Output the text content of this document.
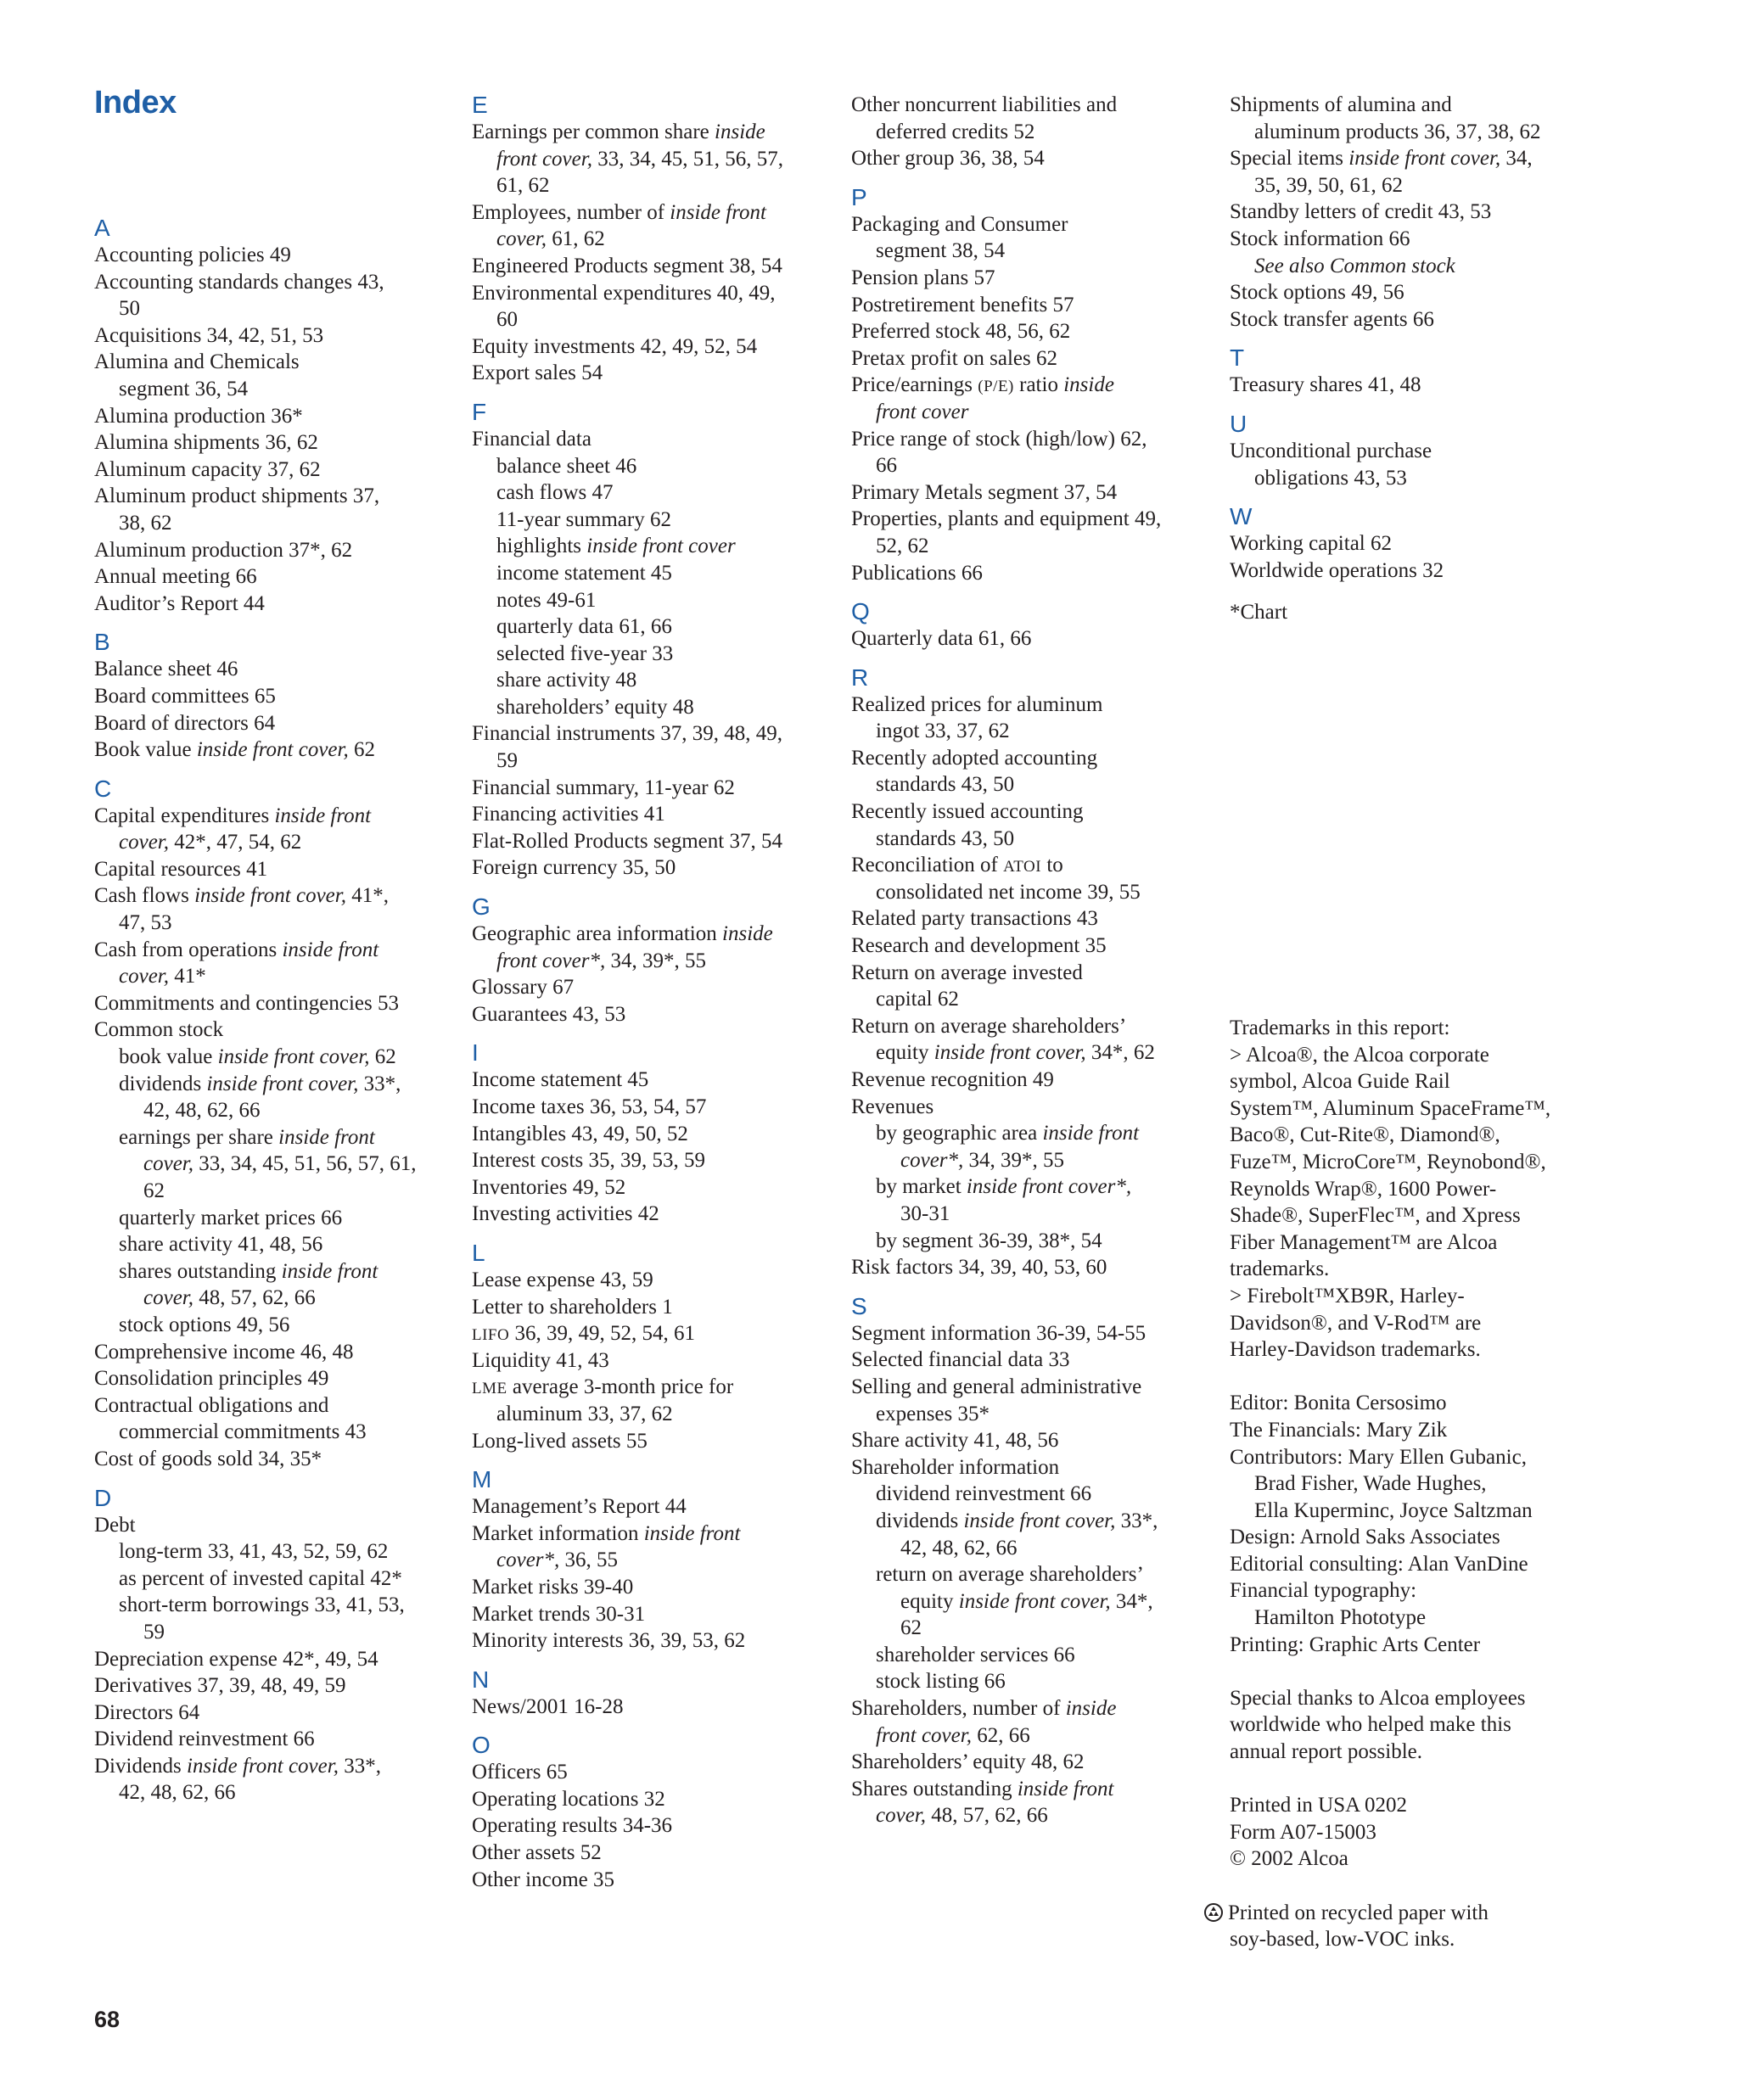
Index
A
Accounting policies 49
Accounting standards changes 43,
50
Acquisitions 34, 42, 51, 53
Alumina and Chemicals
segment 36, 54
Alumina production 36*
Alumina shipments 36, 62
Aluminum capacity 37, 62
Aluminum product shipments 37,
38, 62
Aluminum production 37*, 62
Annual meeting 66
Auditor’s Report 44
B
Balance sheet 46
Board committees 65
Board of directors 64
Book value inside front cover, 62
C
Capital expenditures inside front
cover, 42*, 47, 54, 62
Capital resources 41
Cash flows inside front cover, 41*,
47, 53
Cash from operations inside front
cover, 41*
Commitments and contingencies 53
Common stock
book value inside front cover, 62
dividends inside front cover, 33*,
42, 48, 62, 66
earnings per share inside front
cover, 33, 34, 45, 51, 56, 57, 61,
62
quarterly market prices 66
share activity 41, 48, 56
shares outstanding inside front
cover, 48, 57, 62, 66
stock options 49, 56
Comprehensive income 46, 48
Consolidation principles 49
Contractual obligations and
commercial commitments 43
Cost of goods sold 34, 35*
D
Debt
long-term 33, 41, 43, 52, 59, 62
as percent of invested capital 42*
short-term borrowings 33, 41, 53,
59
Depreciation expense 42*, 49, 54
Derivatives 37, 39, 48, 49, 59
Directors 64
Dividend reinvestment 66
Dividends inside front cover, 33*,
42, 48, 62, 66
E
Earnings per common share inside
front cover, 33, 34, 45, 51, 56, 57,
61, 62
Employees, number of inside front
cover, 61, 62
Engineered Products segment 38, 54
Environmental expenditures 40, 49,
60
Equity investments 42, 49, 52, 54
Export sales 54
F
Financial data
balance sheet 46
cash flows 47
11-year summary 62
highlights inside front cover
income statement 45
notes 49-61
quarterly data 61, 66
selected five-year 33
share activity 48
shareholders’ equity 48
Financial instruments 37, 39, 48, 49,
59
Financial summary, 11-year 62
Financing activities 41
Flat-Rolled Products segment 37, 54
Foreign currency 35, 50
G
Geographic area information inside
front cover*, 34, 39*, 55
Glossary 67
Guarantees 43, 53
I
Income statement 45
Income taxes 36, 53, 54, 57
Intangibles 43, 49, 50, 52
Interest costs 35, 39, 53, 59
Inventories 49, 52
Investing activities 42
L
Lease expense 43, 59
Letter to shareholders 1
LIFO 36, 39, 49, 52, 54, 61
Liquidity 41, 43
LME average 3-month price for
aluminum 33, 37, 62
Long-lived assets 55
M
Management’s Report 44
Market information inside front
cover*, 36, 55
Market risks 39-40
Market trends 30-31
Minority interests 36, 39, 53, 62
N
News/2001 16-28
O
Officers 65
Operating locations 32
Operating results 34-36
Other assets 52
Other income 35
Other noncurrent liabilities and
deferred credits 52
Other group 36, 38, 54
P
Packaging and Consumer
segment 38, 54
Pension plans 57
Postretirement benefits 57
Preferred stock 48, 56, 62
Pretax profit on sales 62
Price/earnings (P/E) ratio inside
front cover
Price range of stock (high/low) 62,
66
Primary Metals segment 37, 54
Properties, plants and equipment 49,
52, 62
Publications 66
Q
Quarterly data 61, 66
R
Realized prices for aluminum
ingot 33, 37, 62
Recently adopted accounting
standards 43, 50
Recently issued accounting
standards 43, 50
Reconciliation of ATOI to
consolidated net income 39, 55
Related party transactions 43
Research and development 35
Return on average invested
capital 62
Return on average shareholders’
equity inside front cover, 34*, 62
Revenue recognition 49
Revenues
by geographic area inside front
cover*, 34, 39*, 55
by market inside front cover*,
30-31
by segment 36-39, 38*, 54
Risk factors 34, 39, 40, 53, 60
S
Segment information 36-39, 54-55
Selected financial data 33
Selling and general administrative
expenses 35*
Share activity 41, 48, 56
Shareholder information
dividend reinvestment 66
dividends inside front cover, 33*,
42, 48, 62, 66
return on average shareholders’
equity inside front cover, 34*,
62
shareholder services 66
stock listing 66
Shareholders, number of inside
front cover, 62, 66
Shareholders’ equity 48, 62
Shares outstanding inside front
cover, 48, 57, 62, 66
Shipments of alumina and
aluminum products 36, 37, 38, 62
Special items inside front cover, 34,
35, 39, 50, 61, 62
Standby letters of credit 43, 53
Stock information 66
See also Common stock
Stock options 49, 56
Stock transfer agents 66
T
Treasury shares 41, 48
U
Unconditional purchase
obligations 43, 53
W
Working capital 62
Worldwide operations 32
*Chart
Trademarks in this report:
> Alcoa®, the Alcoa corporate
symbol, Alcoa Guide Rail
System™, Aluminum SpaceFrame™,
Baco®, Cut-Rite®, Diamond®,
Fuze™, MicroCore™, Reynobond®,
Reynolds Wrap®, 1600 Power-
Shade®, SuperFlec™, and Xpress
Fiber Management™ are Alcoa
trademarks.
> Firebolt™XB9R, Harley-
Davidson®, and V-Rod™ are
Harley-Davidson trademarks.
Editor: Bonita Cersosimo
The Financials: Mary Zik
Contributors: Mary Ellen Gubanic,
Brad Fisher, Wade Hughes,
Ella Kuperminc, Joyce Saltzman
Design: Arnold Saks Associates
Editorial consulting: Alan VanDine
Financial typography:
Hamilton Phototype
Printing: Graphic Arts Center
Special thanks to Alcoa employees
worldwide who helped make this
annual report possible.
Printed in USA 0202
Form A07-15003
© 2002 Alcoa
Printed on recycled paper with
soy-based, low-VOC inks.
68
